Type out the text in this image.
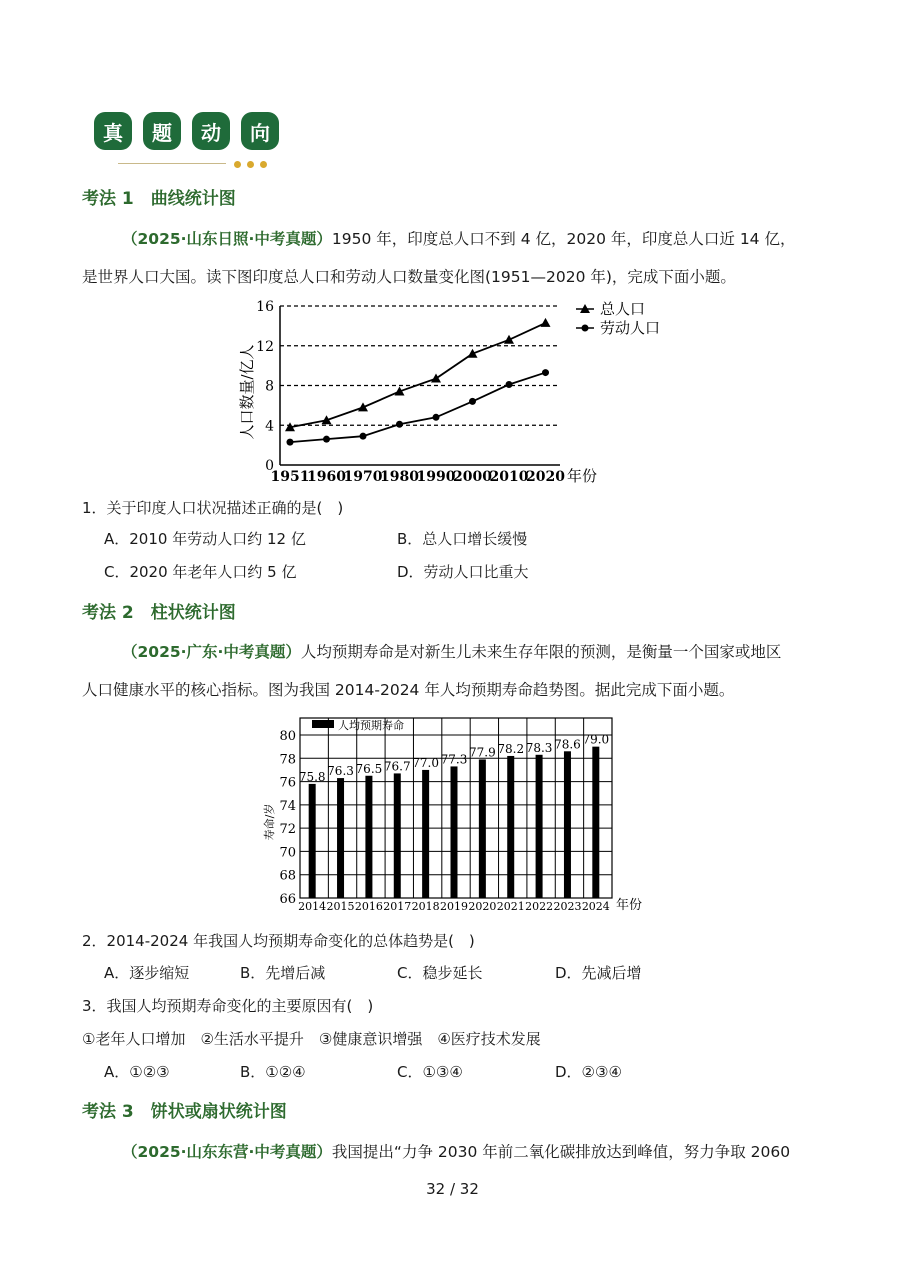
真	题	动	向
考法 1　曲线统计图
（2025·山东日照·中考真题）1950 年，印度总人口不到 4 亿，2020 年，印度总人口近 14 亿，
是世界人口大国。读下图印度总人口和劳动人口数量变化图(1951—2020 年)，完成下面小题。
0
4
8
12
16
1951
1960
1970
1980
1990
2000
2010
2020
人口数量/亿人
年份
总人口
劳动人口
1．关于印度人口状况描述正确的是(　)
A．2010 年劳动人口约 12 亿	B．总人口增长缓慢
C．2020 年老年人口约 5 亿	D．劳动人口比重大
考法 2　柱状统计图
（2025·广东·中考真题）人均预期寿命是对新生儿未来生存年限的预测，是衡量一个国家或地区
人口健康水平的核心指标。图为我国 2014-2024 年人均预期寿命趋势图。据此完成下面小题。
66
68
70
72
74
76
78
80
75.8 76.3 76.5 76.7 77.0 77.3 77.9 78.2 78.3 78.6 79.0
2014 2015 2016 2017 2018 2019 2020 2021 2022 2023 2024
人均预期寿命
寿命/岁
年份
2．2014-2024 年我国人均预期寿命变化的总体趋势是(　)
A．逐步缩短	B．先增后减	C．稳步延长	D．先减后增
3．我国人均预期寿命变化的主要原因有(　)
①老年人口增加　②生活水平提升　③健康意识增强　④医疗技术发展
A．①②③	B．①②④	C．①③④	D．②③④
考法 3　饼状或扇状统计图
（2025·山东东营·中考真题）我国提出“力争 2030 年前二氧化碳排放达到峰值，努力争取 2060
32 / 32
